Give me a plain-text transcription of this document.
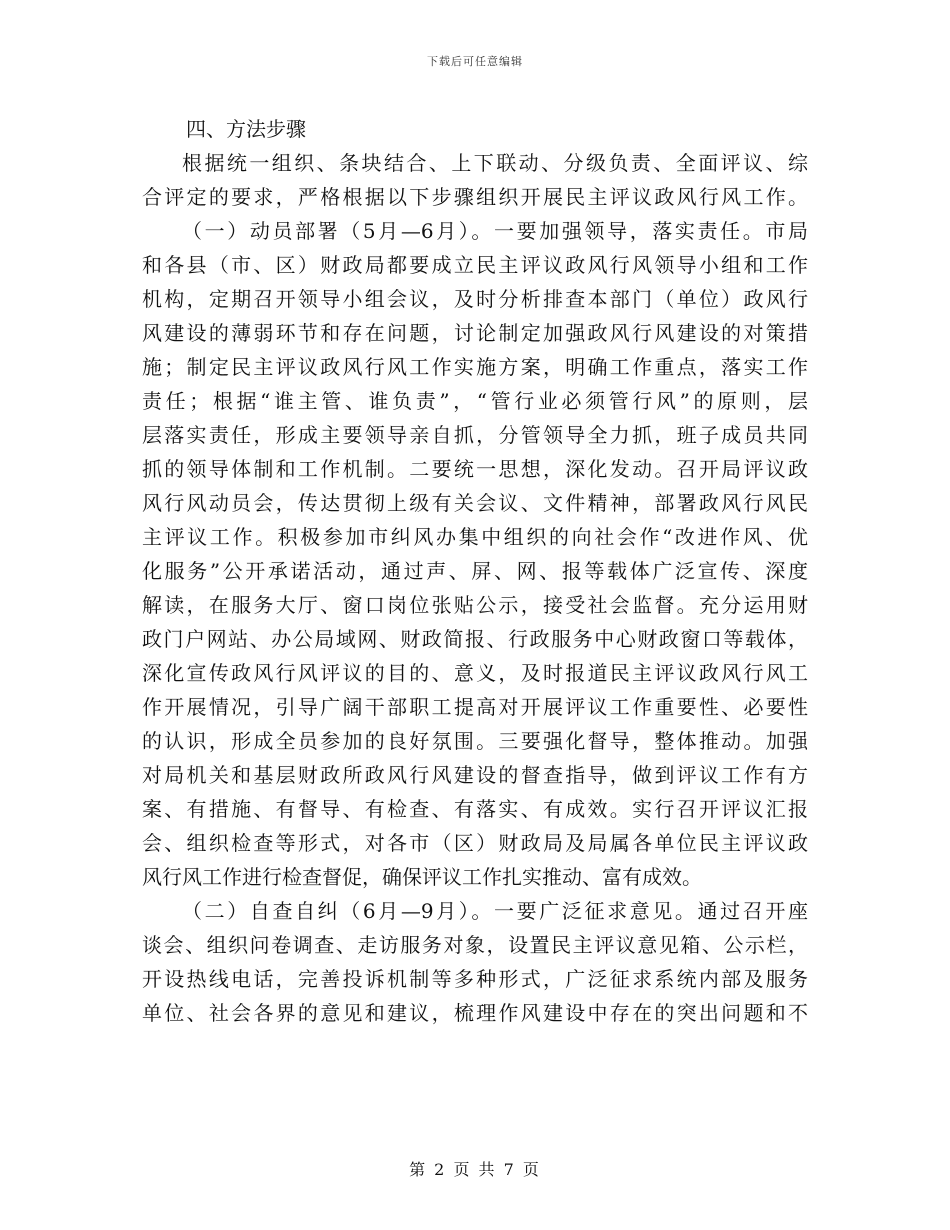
下载后可任意编辑
四、方法步骤
根据统一组织、条块结合、上下联动、分级负责、全面评议、综
合评定的要求，严格根据以下步骤组织开展民主评议政风行风工作。
（一）动员部署（5月—6月）。一要加强领导，落实责任。市局
和各县（市、区）财政局都要成立民主评议政风行风领导小组和工作
机构，定期召开领导小组会议，及时分析排查本部门（单位）政风行
风建设的薄弱环节和存在问题，讨论制定加强政风行风建设的对策措
施；制定民主评议政风行风工作实施方案，明确工作重点，落实工作
责任；根据“谁主管、谁负责”，“管行业必须管行风”的原则，层
层落实责任，形成主要领导亲自抓，分管领导全力抓，班子成员共同
抓的领导体制和工作机制。二要统一思想，深化发动。召开局评议政
风行风动员会，传达贯彻上级有关会议、文件精神，部署政风行风民
主评议工作。积极参加市纠风办集中组织的向社会作“改进作风、优
化服务”公开承诺活动，通过声、屏、网、报等载体广泛宣传、深度
解读，在服务大厅、窗口岗位张贴公示，接受社会监督。充分运用财
政门户网站、办公局域网、财政简报、行政服务中心财政窗口等载体，
深化宣传政风行风评议的目的、意义，及时报道民主评议政风行风工
作开展情况，引导广阔干部职工提高对开展评议工作重要性、必要性
的认识，形成全员参加的良好氛围。三要强化督导，整体推动。加强
对局机关和基层财政所政风行风建设的督查指导，做到评议工作有方
案、有措施、有督导、有检查、有落实、有成效。实行召开评议汇报
会、组织检查等形式，对各市（区）财政局及局属各单位民主评议政
风行风工作进行检查督促，确保评议工作扎实推动、富有成效。
（二）自查自纠（6月—9月）。一要广泛征求意见。通过召开座
谈会、组织问卷调查、走访服务对象，设置民主评议意见箱、公示栏，
开设热线电话，完善投诉机制等多种形式，广泛征求系统内部及服务
单位、社会各界的意见和建议，梳理作风建设中存在的突出问题和不
第 2 页 共 7 页
